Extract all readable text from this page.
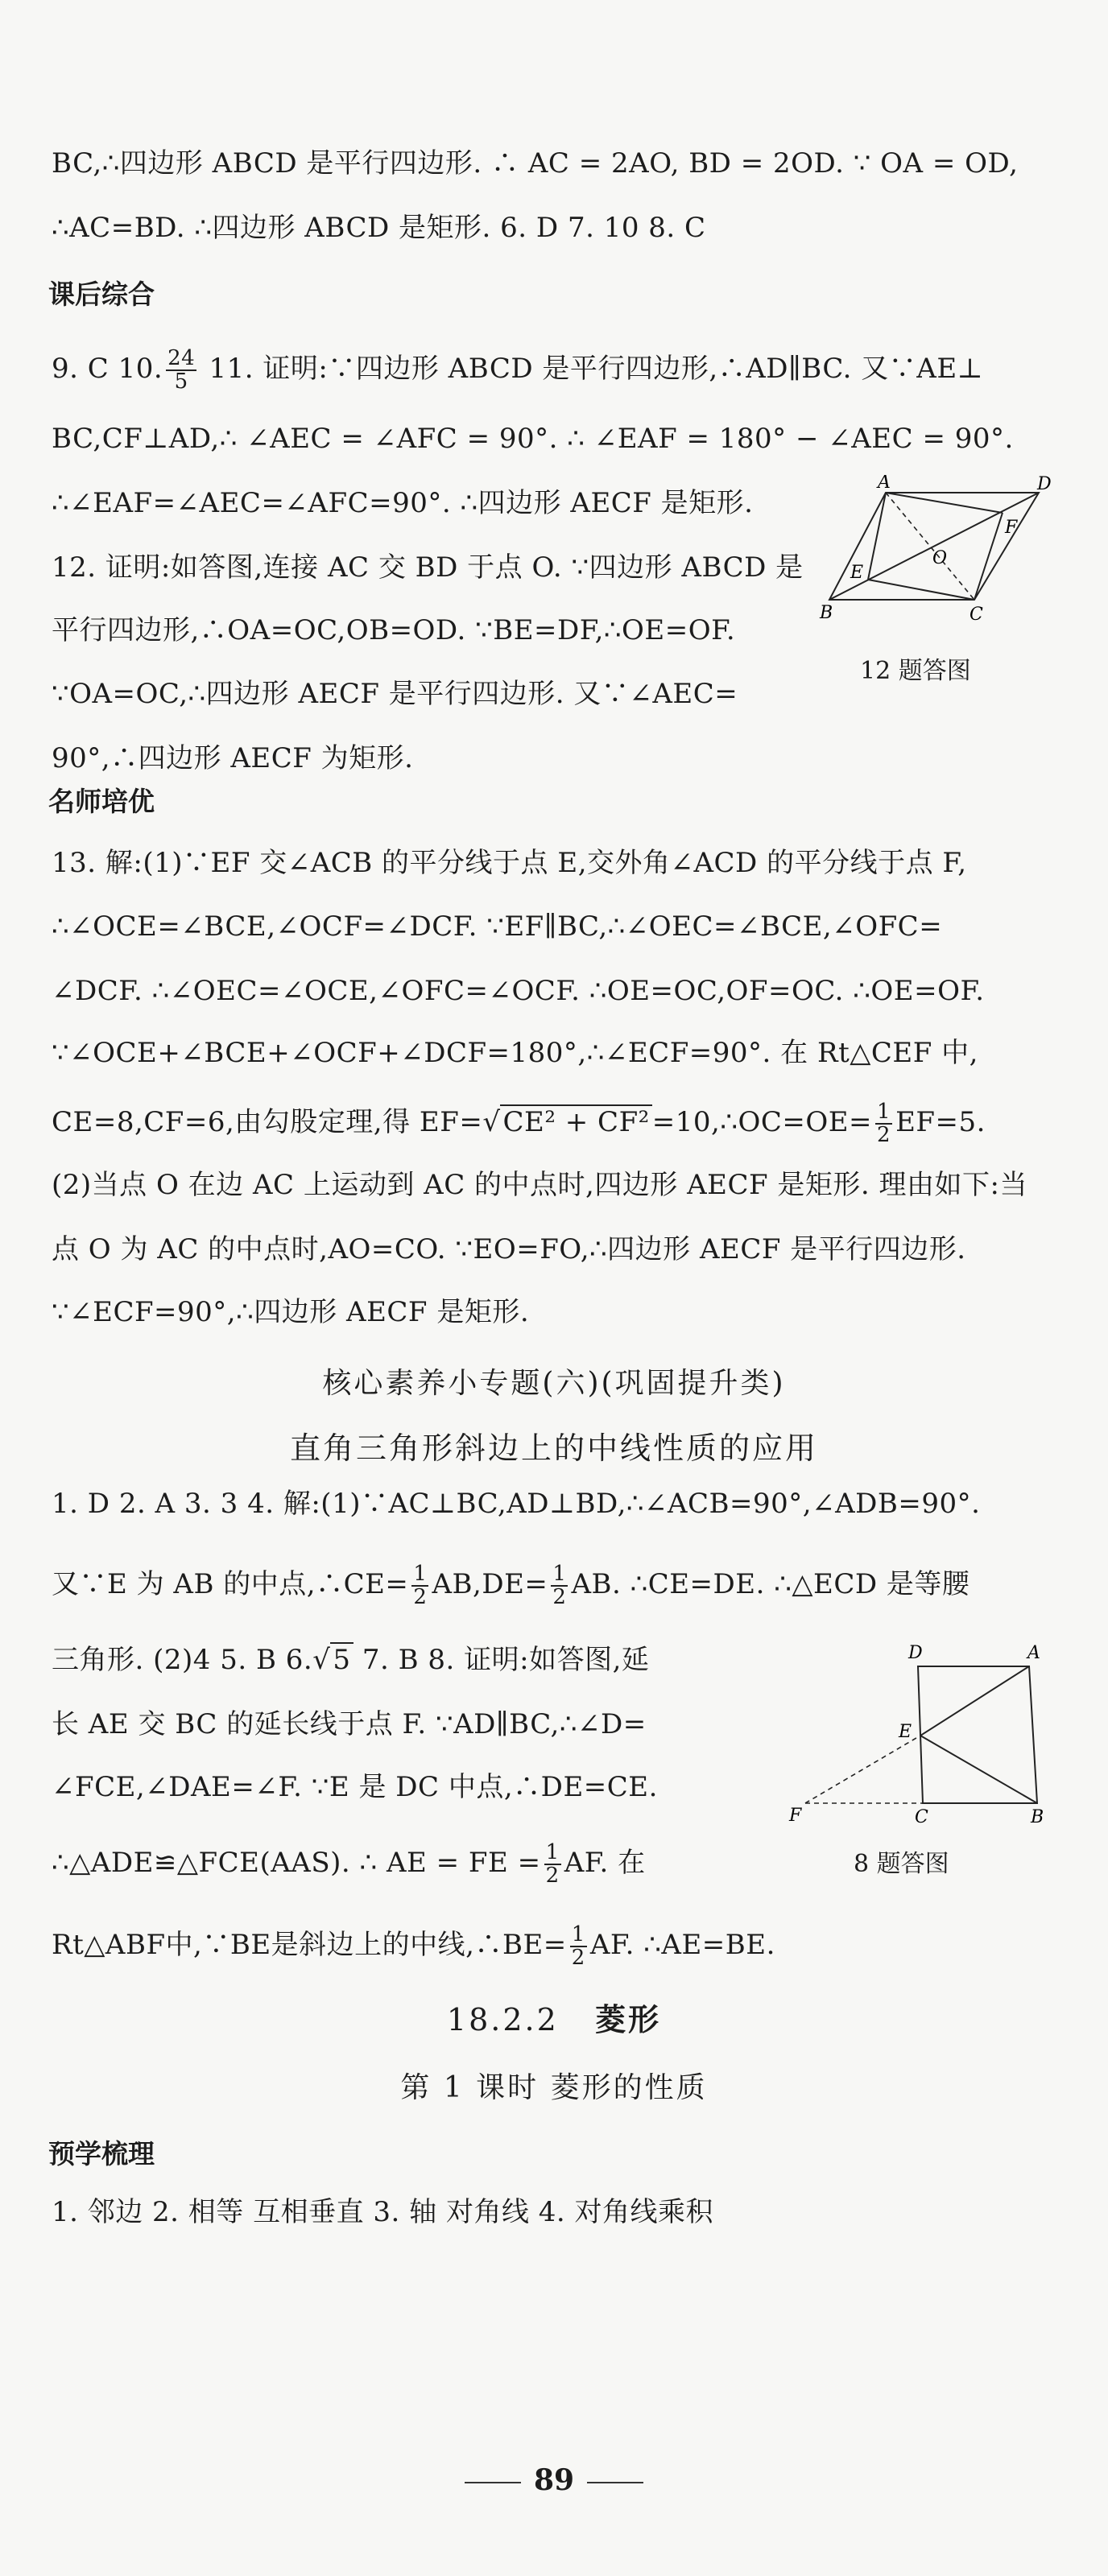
BC,∴四边形 ABCD 是平行四边形. ∴ AC = 2AO, BD = 2OD. ∵ OA = OD,
∴AC=BD. ∴四边形 ABCD 是矩形. 6. D 7. 10 8. C
课后综合
9. C 10. $\frac{24}{5} 11$. 证明:∵四边形 ABCD 是平行四边形,∴AD∥BC. 又∵AE⊥
BC,CF⊥AD,∴ ∠AEC = ∠AFC = 90°. ∴ ∠EAF = 180° − ∠AEC = 90°.
∴∠EAF=∠AEC=∠AFC=90°. ∴四边形 AECF 是矩形.
12. 证明:如答图,连接 AC 交 BD 于点 O. ∵四边形 ABCD 是
平行四边形,∴OA=OC,OB=OD. ∵BE=DF,∴OE=OF.
∵OA=OC,∴四边形 AECF 是平行四边形. 又∵∠AEC=
90°,∴四边形 AECF 为矩形.
A	D
F
O
E
B	C
12 题答图
名师培优
13. 解:(1)∵EF 交∠ACB 的平分线于点 E,交外角∠ACD 的平分线于点 F,
∴∠OCE=∠BCE,∠OCF=∠DCF. ∵EF∥BC,∴∠OEC=∠BCE,∠OFC=
∠DCF. ∴∠OEC=∠OCE,∠OFC=∠OCF. ∴OE=OC,OF=OC. ∴OE=OF.
∵∠OCE+∠BCE+∠OCF+∠DCF=180°,∴∠ECF=90°. 在 Rt△CEF 中,
CE=8,CF=6,由勾股定理,得 EF=√CE² + CF²=10,∴OC=OE= $\frac{1}{2} EF=5$.
(2)当点 O 在边 AC 上运动到 AC 的中点时,四边形 AECF 是矩形. 理由如下:当
点 O 为 AC 的中点时,AO=CO. ∵EO=FO,∴四边形 AECF 是平行四边形.
∵∠ECF=90°,∴四边形 AECF 是矩形.
核心素养小专题(六)(巩固提升类)
直角三角形斜边上的中线性质的应用
1. D 2. A 3. 3 4. 解:(1)∵AC⊥BC,AD⊥BD,∴∠ACB=90°,∠ADB=90°.
又∵E 为 AB 的中点,∴CE= $\frac{1}{2} AB,DE= \frac{1}{2}$ AB. ∴CE=DE. ∴△ECD 是等腰
三角形. (2)4 5. B 6.√5 7. B 8. 证明:如答图,延
长 AE 交 BC 的延长线于点 F. ∵AD∥BC,∴∠D=
∠FCE,∠DAE=∠F. ∵E 是 DC 中点,∴DE=CE.
∴△ADE≌△FCE(AAS). ∴ AE = FE = $\frac{1}{2}$ AF. 在
Rt△ABF中,∵BE是斜边上的中线,∴BE= $\frac{1}{2}$ AF. ∴AE=BE.
D	A
E
F	C	B
8 题答图
18.2.2 菱形
第 1 课时 菱形的性质
预学梳理
1. 邻边 2. 相等 互相垂直 3. 轴 对角线 4. 对角线乘积
89
